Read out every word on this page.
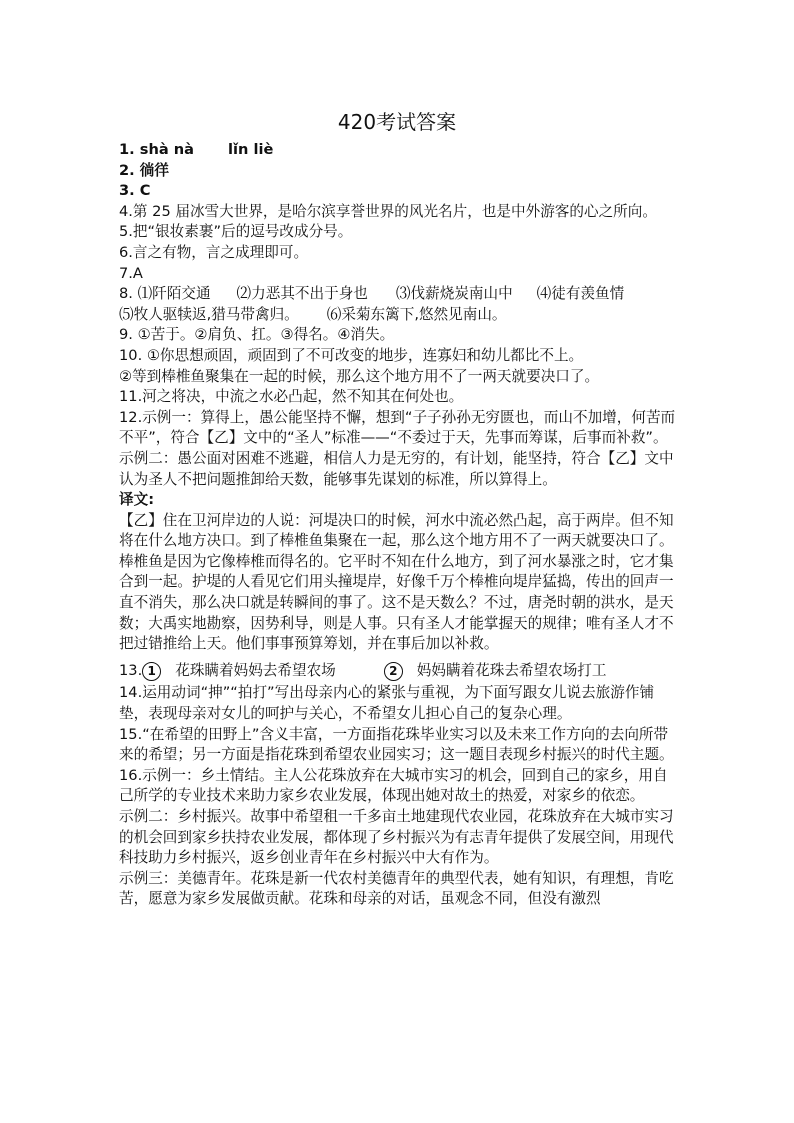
420考试答案

1. shà nà lǐn liè

2. 徜徉

3. C

4.第 25 届冰雪大世界，是哈尔滨享誉世界的风光名片，也是中外游客的心之所向。

5.把“银妆素裹”后的逗号改成分号。

6.言之有物，言之成理即可。

7.A

8. ⑴阡陌交通 ⑵力恶其不出于身也 ⑶伐薪烧炭南山中 ⑷徒有羡鱼情
⑸牧人驱犊返,猎马带禽归。 ⑹采菊东篱下,悠然见南山。

9. ①苦于。②肩负、扛。③得名。④消失。

10. ①你思想顽固，顽固到了不可改变的地步，连寡妇和幼儿都比不上。

②等到棒椎鱼聚集在一起的时候，那么这个地方用不了一两天就要决口了。

11.河之将决，中流之水必凸起，然不知其在何处也。

12.示例一：算得上，愚公能坚持不懈，想到“子子孙孙无穷匮也，而山不加增，何苦而不平”，符合【乙】文中的“圣人”标准——“不委过于天，先事而筹谋，后事而补救”。

示例二：愚公面对困难不逃避，相信人力是无穷的，有计划，能坚持，符合【乙】文中认为圣人不把问题推卸给天数，能够事先谋划的标准，所以算得上。

译文:

【乙】住在卫河岸边的人说：河堤决口的时候，河水中流必然凸起，高于两岸。但不知将在什么地方决口。到了棒椎鱼集聚在一起，那么这个地方用不了一两天就要决口了。棒椎鱼是因为它像棒椎而得名的。它平时不知在什么地方，到了河水暴涨之时，它才集合到一起。护堤的人看见它们用头撞堤岸，好像千万个棒椎向堤岸猛捣，传出的回声一直不消失，那么决口就是转瞬间的事了。这不是天数么？不过，唐尧时朝的洪水，是天数；大禹实地勘察，因势利导，则是人事。只有圣人才能掌握天的规律；唯有圣人才不把过错推给上天。他们事事预算筹划，并在事后加以补救。

13. 1	花珠瞒着妈妈去希望农场	2	妈妈瞒着花珠去希望农场打工

14.运用动词“抻”“拍打”写出母亲内心的紧张与重视，为下面写跟女儿说去旅游作铺垫，表现母亲对女儿的呵护与关心，不希望女儿担心自己的复杂心理。

15.“在希望的田野上”含义丰富，一方面指花珠毕业实习以及未来工作方向的去向所带来的希望；另一方面是指花珠到希望农业园实习；这一题目表现乡村振兴的时代主题。

16.示例一：乡土情结。主人公花珠放弃在大城市实习的机会，回到自己的家乡，用自己所学的专业技术来助力家乡农业发展，体现出她对故土的热爱，对家乡的依恋。

示例二：乡村振兴。故事中希望租一千多亩土地建现代农业园，花珠放弃在大城市实习的机会回到家乡扶持农业发展，都体现了乡村振兴为有志青年提供了发展空间，用现代科技助力乡村振兴，返乡创业青年在乡村振兴中大有作为。

示例三：美德青年。花珠是新一代农村美德青年的典型代表，她有知识，有理想，肯吃苦，愿意为家乡发展做贡献。花珠和母亲的对话，虽观念不同，但没有激烈
